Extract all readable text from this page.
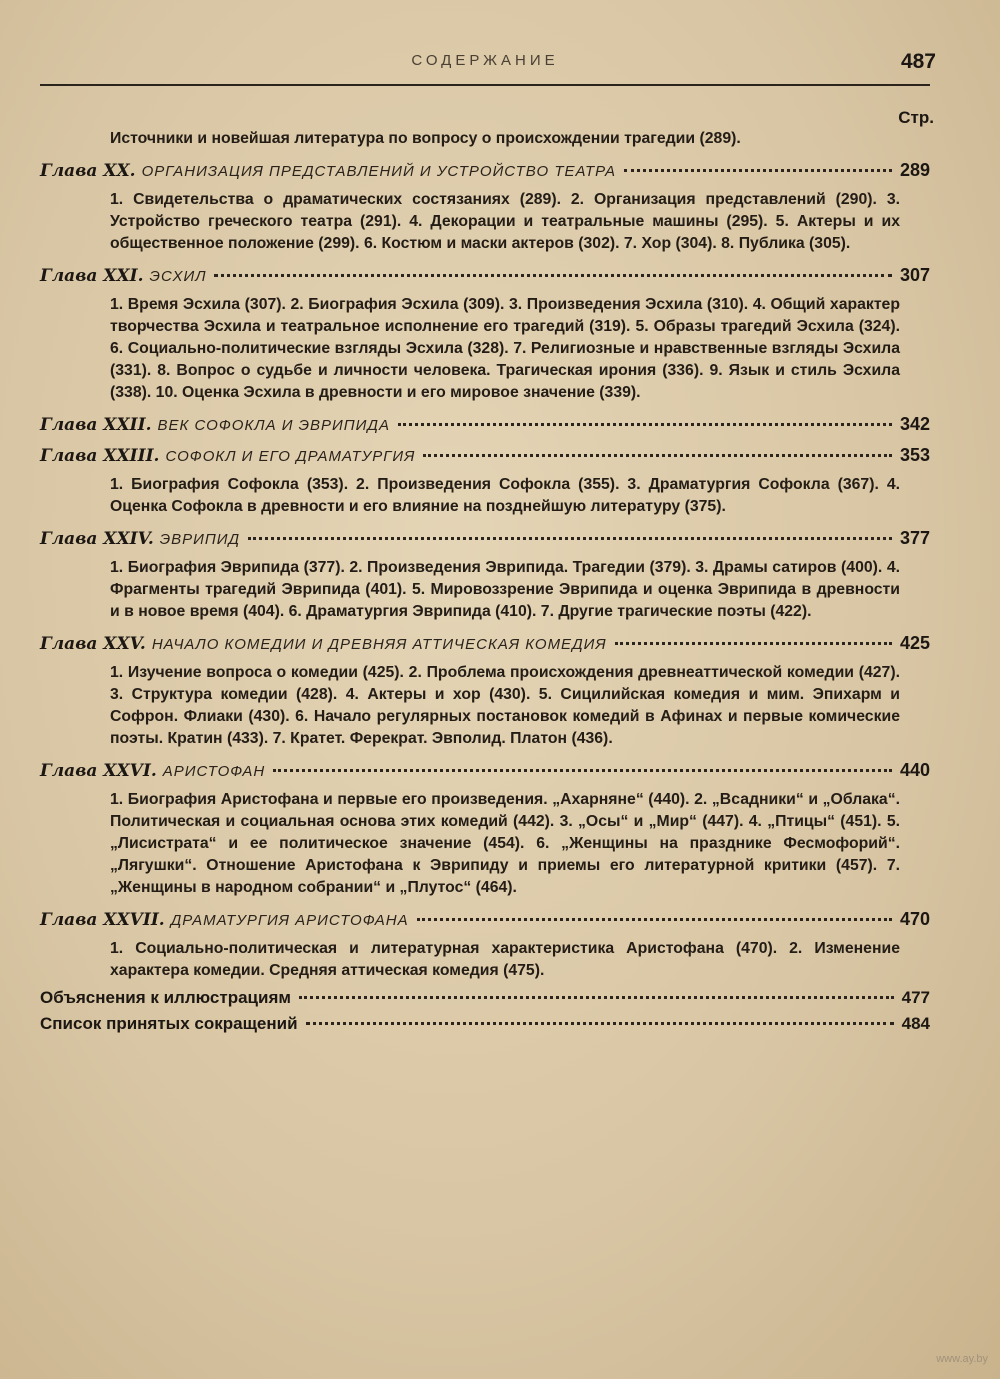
СОДЕРЖАНИЕ	487
Стр.
Источники и новейшая литература по вопросу о происхождении трагедии (289).
Глава XX. ОРГАНИЗАЦИЯ ПРЕДСТАВЛЕНИЙ И УСТРОЙСТВО ТЕАТРА	289
1. Свидетельства о драматических состязаниях (289). 2. Организация представлений (290). 3. Устройство греческого театра (291). 4. Декорации и театральные машины (295). 5. Актеры и их общественное положение (299). 6. Костюм и маски актеров (302). 7. Хор (304). 8. Публика (305).
Глава XXI. ЭСХИЛ	307
1. Время Эсхила (307). 2. Биография Эсхила (309). 3. Произведения Эсхила (310). 4. Общий характер творчества Эсхила и театральное исполнение его трагедий (319). 5. Образы трагедий Эсхила (324). 6. Социально-политические взгляды Эсхила (328). 7. Религиозные и нравственные взгляды Эсхила (331). 8. Вопрос о судьбе и личности человека. Трагическая ирония (336). 9. Язык и стиль Эсхила (338). 10. Оценка Эсхила в древности и его мировое значение (339).
Глава XXII. ВЕК СОФОКЛА И ЭВРИПИДА	342
Глава XXIII. СОФОКЛ И ЕГО ДРАМАТУРГИЯ	353
1. Биография Софокла (353). 2. Произведения Софокла (355). 3. Драматургия Софокла (367). 4. Оценка Софокла в древности и его влияние на позднейшую литературу (375).
Глава XXIV. ЭВРИПИД	377
1. Биография Эврипида (377). 2. Произведения Эврипида. Трагедии (379). 3. Драмы сатиров (400). 4. Фрагменты трагедий Эврипида (401). 5. Мировоззрение Эврипида и оценка Эврипида в древности и в новое время (404). 6. Драматургия Эврипида (410). 7. Другие трагические поэты (422).
Глава XXV. НАЧАЛО КОМЕДИИ И ДРЕВНЯЯ АТТИЧЕСКАЯ КОМЕДИЯ	425
1. Изучение вопроса о комедии (425). 2. Проблема происхождения древнеаттической комедии (427). 3. Структура комедии (428). 4. Актеры и хор (430). 5. Сицилийская комедия и мим. Эпихарм и Софрон. Флиаки (430). 6. Начало регулярных постановок комедий в Афинах и первые комические поэты. Кратин (433). 7. Кратет. Ферекрат. Эвполид. Платон (436).
Глава XXVI. АРИСТОФАН	440
1. Биография Аристофана и первые его произведения. „Ахарняне“ (440). 2. „Всадники“ и „Облака“. Политическая и социальная основа этих комедий (442). 3. „Осы“ и „Мир“ (447). 4. „Птицы“ (451). 5. „Лисистрата“ и ее политическое значение (454). 6. „Женщины на празднике Фесмофорий“. „Лягушки“. Отношение Аристофана к Эврипиду и приемы его литературной критики (457). 7. „Женщины в народном собрании“ и „Плутос“ (464).
Глава XXVII. ДРАМАТУРГИЯ АРИСТОФАНА	470
1. Социально-политическая и литературная характеристика Аристофана (470). 2. Изменение характера комедии. Средняя аттическая комедия (475).
Объяснения к иллюстрациям	477
Список принятых сокращений	484
www.ay.by
